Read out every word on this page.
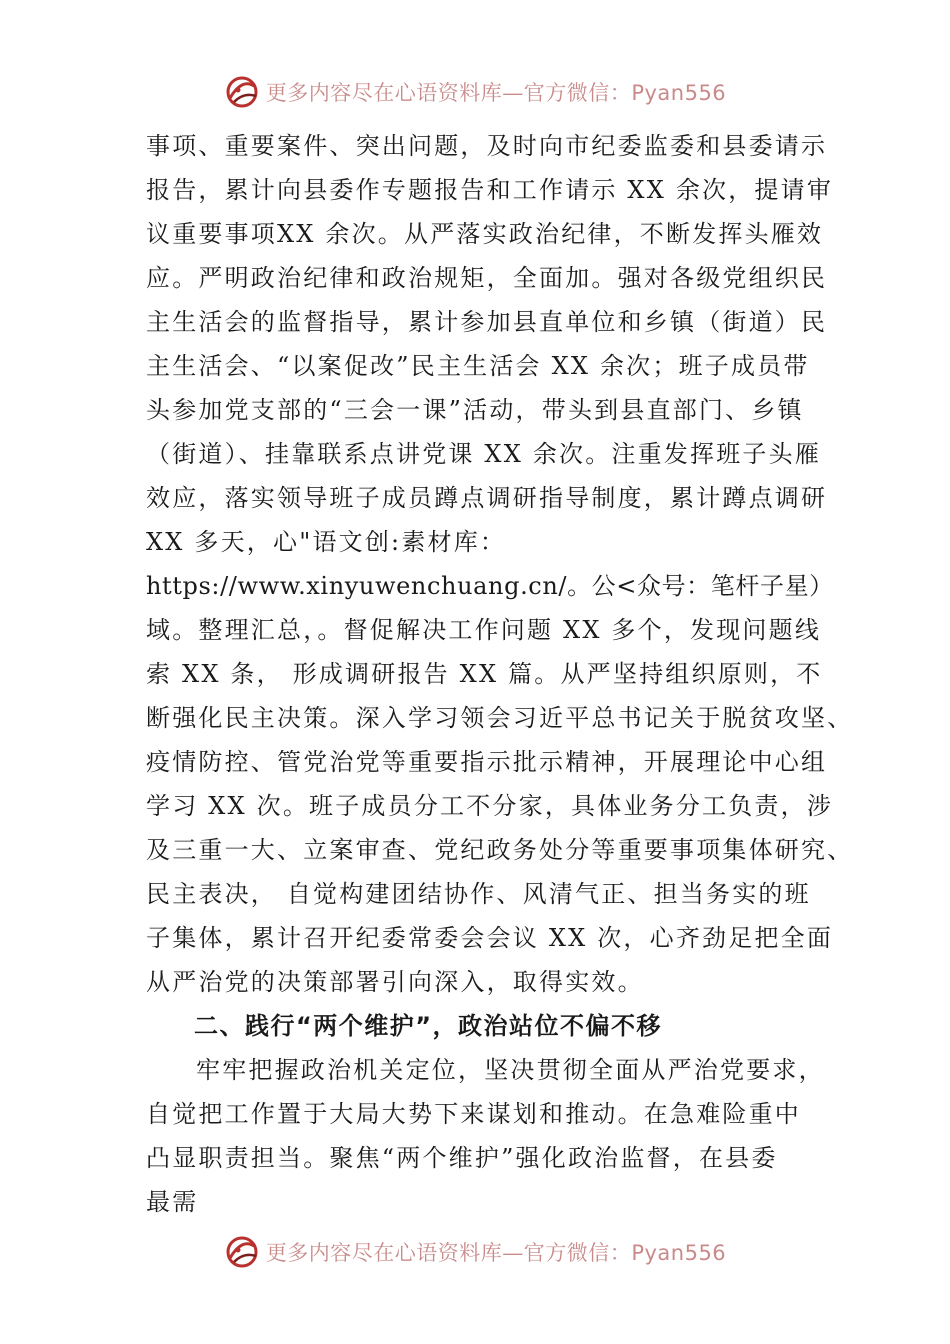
更多内容尽在心语资料库—官方微信：Pyan556
事项、重要案件、突出问题，及时向市纪委监委和县委请示
报告，累计向县委作专题报告和工作请示 XX 余次，提请审
议重要事项XX 余次。从严落实政治纪律，不断发挥头雁效
应。严明政治纪律和政治规矩，全面加。强对各级党组织民
主生活会的监督指导，累计参加县直单位和乡镇（街道）民
主生活会、“以案促改”民主生活会 XX 余次；班子成员带
头参加党支部的“三会一课”活动，带头到县直部门、乡镇
（街道）、挂靠联系点讲党课 XX 余次。注重发挥班子头雁
效应，落实领导班子成员蹲点调研指导制度，累计蹲点调研
XX 多天，心"语文创:素材库：
https://www.xinyuwenchuang.cn/。公<众号：笔杆子星）
域。整理汇总，。督促解决工作问题 XX 多个，发现问题线
索 XX 条， 形成调研报告 XX 篇。从严坚持组织原则，不
断强化民主决策。深入学习领会习近平总书记关于脱贫攻坚、
疫情防控、管党治党等重要指示批示精神，开展理论中心组
学习 XX 次。班子成员分工不分家，具体业务分工负责，涉
及三重一大、立案审查、党纪政务处分等重要事项集体研究、
民主表决， 自觉构建团结协作、风清气正、担当务实的班
子集体，累计召开纪委常委会会议 XX 次，心齐劲足把全面
从严治党的决策部署引向深入，取得实效。
二、践行“两个维护”，政治站位不偏不移
牢牢把握政治机关定位，坚决贯彻全面从严治党要求，
自觉把工作置于大局大势下来谋划和推动。在急难险重中
凸显职责担当。聚焦“两个维护”强化政治监督，在县委
最需
更多内容尽在心语资料库—官方微信：Pyan556
